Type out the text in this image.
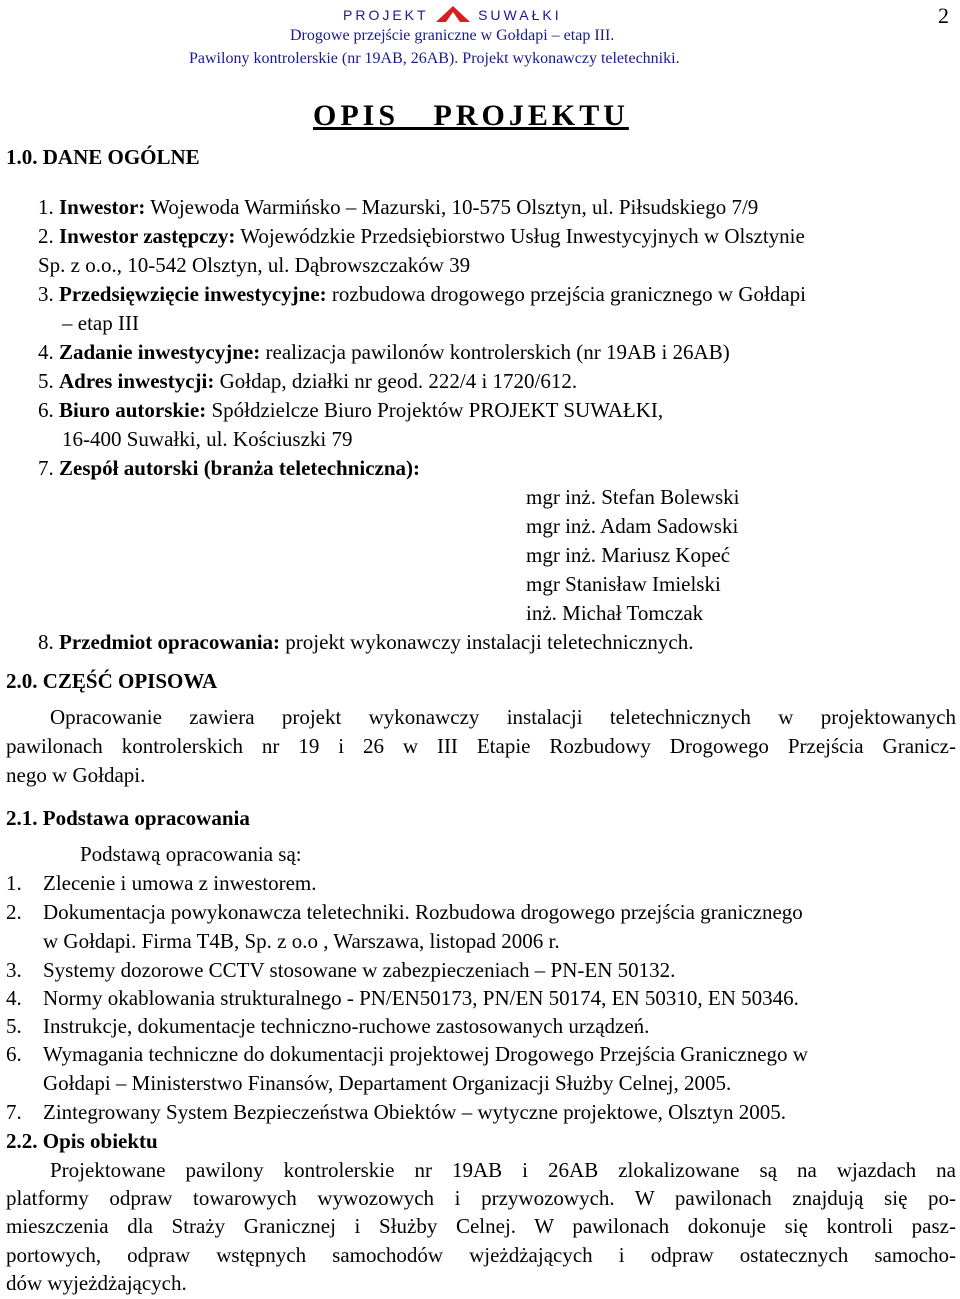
PROJEKT	SUWAŁKI	2
Drogowe przejście graniczne w Gołdapi – etap III.
Pawilony kontrolerskie (nr 19AB, 26AB). Projekt wykonawczy teletechniki.
OPIS   PROJEKTU
1.0. DANE OGÓLNE
1. Inwestor: Wojewoda Warmińsko – Mazurski, 10-575 Olsztyn, ul. Piłsudskiego 7/9
2. Inwestor zastępczy: Wojewódzkie Przedsiębiorstwo Usług Inwestycyjnych w Olsztynie
Sp. z o.o., 10-542 Olsztyn, ul. Dąbrowszczaków 39
3. Przedsięwzięcie inwestycyjne: rozbudowa drogowego przejścia granicznego w Gołdapi
– etap III
4. Zadanie inwestycyjne: realizacja pawilonów kontrolerskich (nr 19AB i 26AB)
5. Adres inwestycji: Gołdap, działki nr geod. 222/4 i 1720/612.
6. Biuro autorskie: Spółdzielcze Biuro Projektów PROJEKT SUWAŁKI,
16-400 Suwałki, ul. Kościuszki 79
7. Zespół autorski (branża teletechniczna):
mgr inż. Stefan Bolewski
mgr inż. Adam Sadowski
mgr inż. Mariusz Kopeć
mgr Stanisław Imielski
inż. Michał Tomczak
8. Przedmiot opracowania: projekt wykonawczy instalacji teletechnicznych.
2.0. CZĘŚĆ OPISOWA
Opracowanie zawiera projekt wykonawczy instalacji teletechnicznych w projektowanych
pawilonach kontrolerskich nr 19 i 26 w III Etapie Rozbudowy Drogowego Przejścia Granicz-
nego w Gołdapi.
2.1. Podstawa opracowania
Podstawą opracowania są:
1. Zlecenie i umowa z inwestorem.
2. Dokumentacja powykonawcza teletechniki. Rozbudowa drogowego przejścia granicznego
w Gołdapi. Firma T4B, Sp. z o.o , Warszawa, listopad 2006 r.
3. Systemy dozorowe CCTV stosowane w zabezpieczeniach – PN-EN 50132.
4. Normy okablowania strukturalnego - PN/EN50173, PN/EN 50174, EN 50310, EN 50346.
5. Instrukcje, dokumentacje techniczno-ruchowe zastosowanych urządzeń.
6. Wymagania techniczne do dokumentacji projektowej Drogowego Przejścia Granicznego w
Gołdapi – Ministerstwo Finansów, Departament Organizacji Służby Celnej, 2005.
7. Zintegrowany System Bezpieczeństwa Obiektów – wytyczne projektowe, Olsztyn 2005.
2.2. Opis obiektu
Projektowane pawilony kontrolerskie nr 19AB i 26AB zlokalizowane są na wjazdach na
platformy odpraw towarowych wywozowych i przywozowych. W pawilonach znajdują się po-
mieszczenia dla Straży Granicznej i Służby Celnej. W pawilonach dokonuje się kontroli pasz-
portowych, odpraw wstępnych samochodów wjeżdżających i odpraw ostatecznych samocho-
dów wyjeżdżających.
